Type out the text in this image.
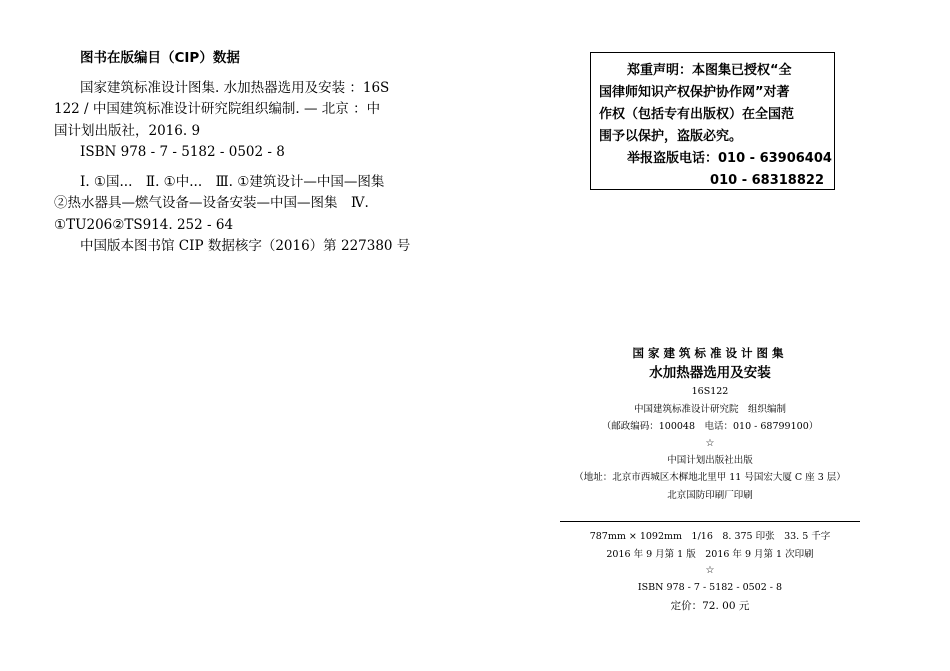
图书在版编目（CIP）数据
国家建筑标准设计图集. 水加热器选用及安装 ：16S
122 / 中国建筑标准设计研究院组织编制. — 北京 ：中
国计划出版社，2016. 9
ISBN 978 - 7 - 5182 - 0502 - 8
Ⅰ. ①国...　Ⅱ. ①中...　Ⅲ. ①建筑设计—中国—图集
②热水器具—燃气设备—设备安装—中国—图集　Ⅳ.
①TU206②TS914. 252 - 64
中国版本图书馆 CIP 数据核字（2016）第 227380 号
郑重声明：本图集已授权“全
国律师知识产权保护协作网”对著
作权（包括专有出版权）在全国范
围予以保护，盗版必究。
举报盗版电话：010 - 63906404
010 - 68318822
国家建筑标准设计图集
水加热器选用及安装
16S122
中国建筑标准设计研究院　组织编制
（邮政编码：100048　电话：010 - 68799100）
☆
中国计划出版社出版
（地址：北京市西城区木樨地北里甲 11 号国宏大厦 C 座 3 层）
北京国防印刷厂印刷
787mm × 1092mm　1/16　8. 375 印张　33. 5 千字
2016 年 9 月第 1 版　2016 年 9 月第 1 次印刷
☆
ISBN 978 - 7 - 5182 - 0502 - 8
定价：72. 00 元
